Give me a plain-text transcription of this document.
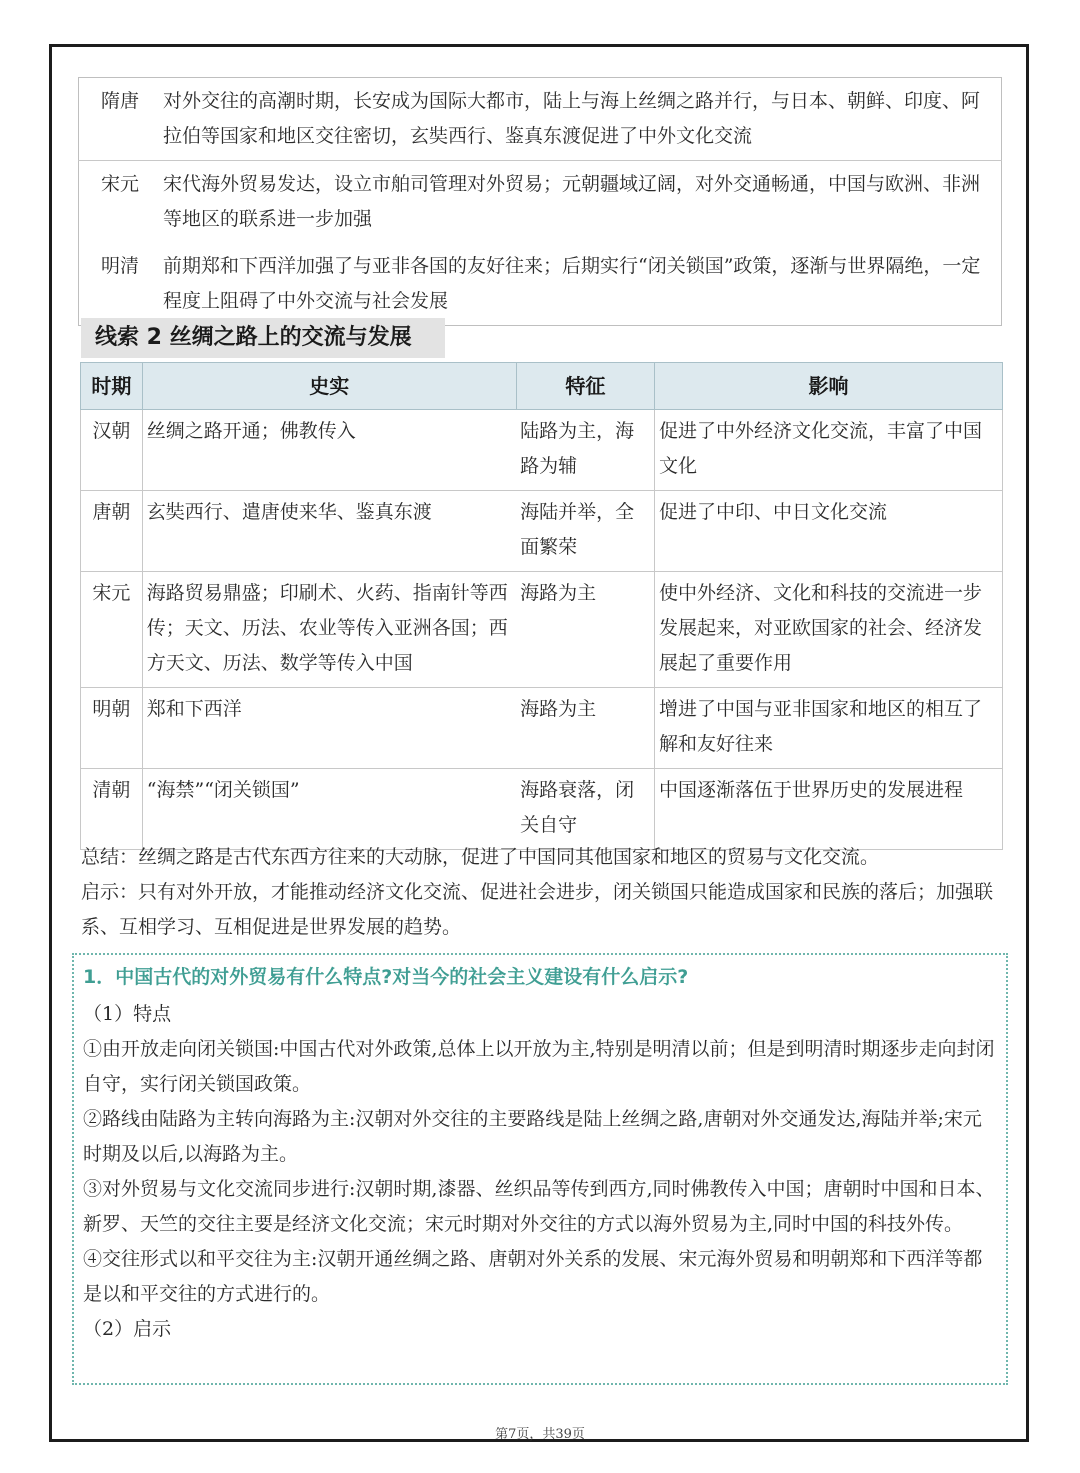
隋唐	对外交往的高潮时期，长安成为国际大都市，陆上与海上丝绸之路并行，与日本、朝鲜、印度、阿拉伯等国家和地区交往密切，玄奘西行、鉴真东渡促进了中外文化交流
宋元	宋代海外贸易发达，设立市舶司管理对外贸易；元朝疆域辽阔，对外交通畅通，中国与欧洲、非洲等地区的联系进一步加强
明清	前期郑和下西洋加强了与亚非各国的友好往来；后期实行“闭关锁国”政策，逐渐与世界隔绝，一定程度上阻碍了中外交流与社会发展
线索 2 丝绸之路上的交流与发展
时期	史实	特征	影响
汉朝	丝绸之路开通；佛教传入	陆路为主，海路为辅	促进了中外经济文化交流，丰富了中国文化
唐朝	玄奘西行、遣唐使来华、鉴真东渡	海陆并举，全面繁荣	促进了中印、中日文化交流
宋元	海路贸易鼎盛；印刷术、火药、指南针等西传；天文、历法、农业等传入亚洲各国；西方天文、历法、数学等传入中国	海路为主	使中外经济、文化和科技的交流进一步发展起来，对亚欧国家的社会、经济发展起了重要作用
明朝	郑和下西洋	海路为主	增进了中国与亚非国家和地区的相互了解和友好往来
清朝	“海禁”“闭关锁国”	海路衰落，闭关自守	中国逐渐落伍于世界历史的发展进程

总结：丝绸之路是古代东西方往来的大动脉，促进了中国同其他国家和地区的贸易与文化交流。

启示：只有对外开放，才能推动经济文化交流、促进社会进步，闭关锁国只能造成国家和民族的落后；加强联系、互相学习、互相促进是世界发展的趋势。

1．中国古代的对外贸易有什么特点?对当今的社会主义建设有什么启示?

（1）特点

①由开放走向闭关锁国:中国古代对外政策,总体上以开放为主,特别是明清以前；但是到明清时期逐步走向封闭自守，实行闭关锁国政策。

②路线由陆路为主转向海路为主:汉朝对外交往的主要路线是陆上丝绸之路,唐朝对外交通发达,海陆并举;宋元时期及以后,以海路为主。

③对外贸易与文化交流同步进行:汉朝时期,漆器、丝织品等传到西方,同时佛教传入中国；唐朝时中国和日本、新罗、天竺的交往主要是经济文化交流；宋元时期对外交往的方式以海外贸易为主,同时中国的科技外传。

④交往形式以和平交往为主:汉朝开通丝绸之路、唐朝对外关系的发展、宋元海外贸易和明朝郑和下西洋等都是以和平交往的方式进行的。

（2）启示

第7页，共39页
